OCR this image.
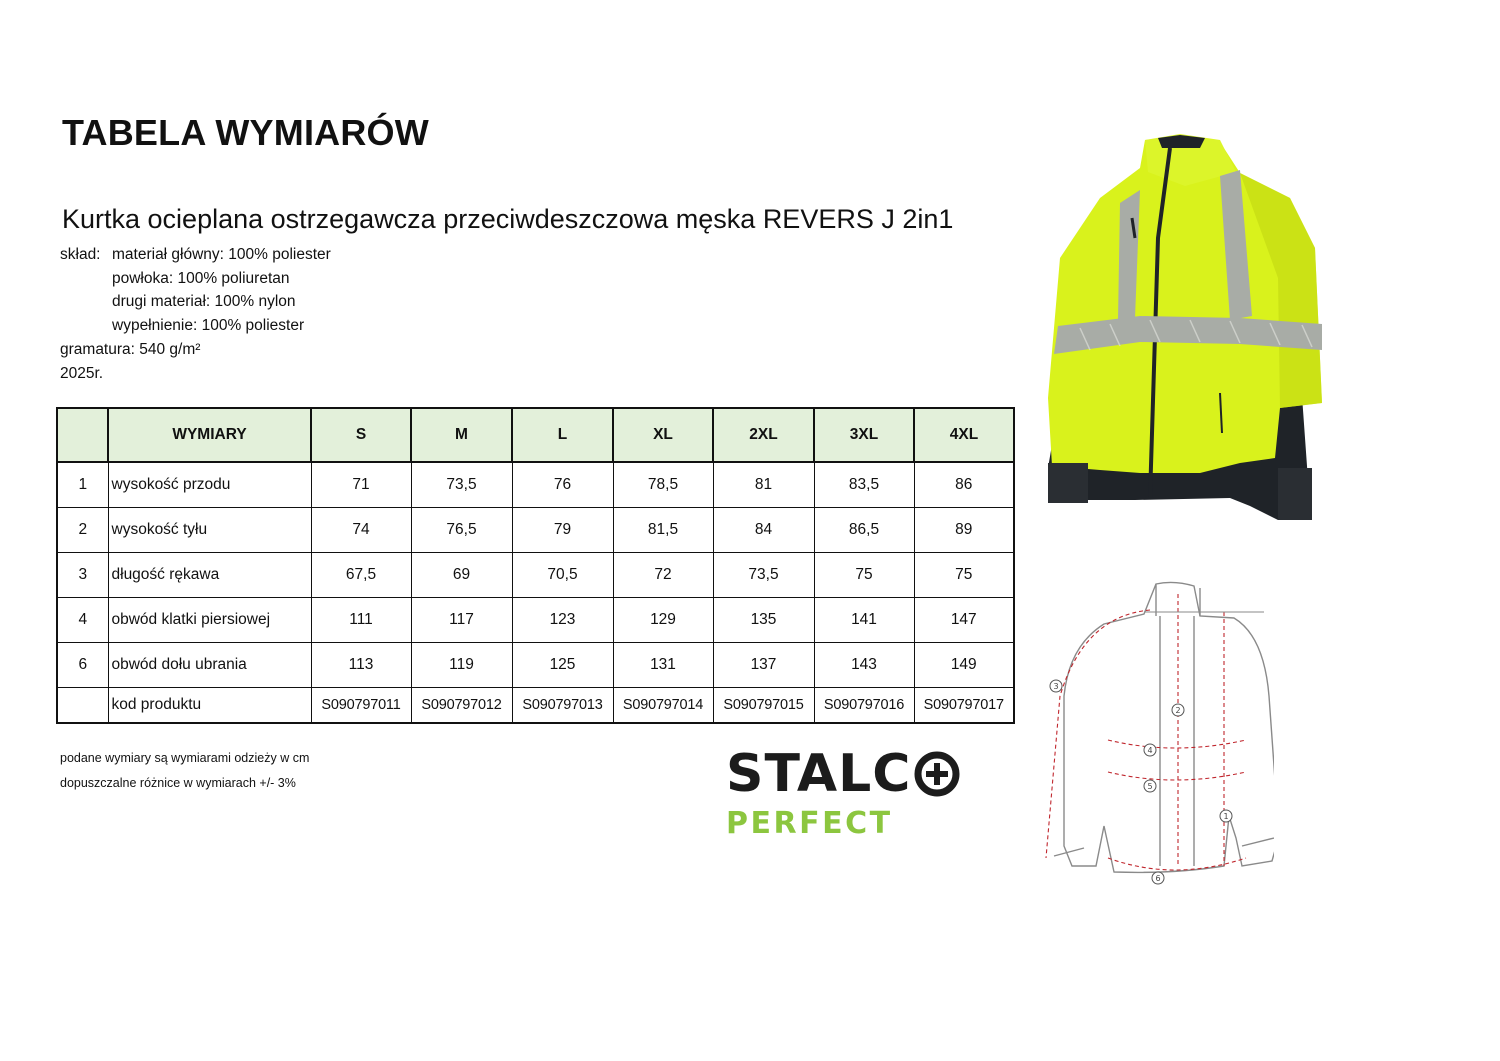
TABELA WYMIARÓW
Kurtka ocieplana ostrzegawcza przeciwdeszczowa męska REVERS J 2in1
skład: materiał główny: 100% poliester
powłoka: 100% poliuretan
drugi materiał: 100% nylon
wypełnienie: 100% poliester
gramatura: 540 g/m²
2025r.
	WYMIARY	S	M	L	XL	2XL	3XL	4XL
1	wysokość przodu	71	73,5	76	78,5	81	83,5	86
2	wysokość tyłu	74	76,5	79	81,5	84	86,5	89
3	długość rękawa	67,5	69	70,5	72	73,5	75	75
4	obwód klatki piersiowej	111	117	123	129	135	141	147
6	obwód dołu ubrania	113	119	125	131	137	143	149
	kod produktu	S090797011	S090797012	S090797013	S090797014	S090797015	S090797016	S090797017
podane wymiary są wymiarami odzieży w cm
dopuszczalne różnice w wymiarach +/- 3%	STALC
PERFECT
3
2
4
5
1
6
